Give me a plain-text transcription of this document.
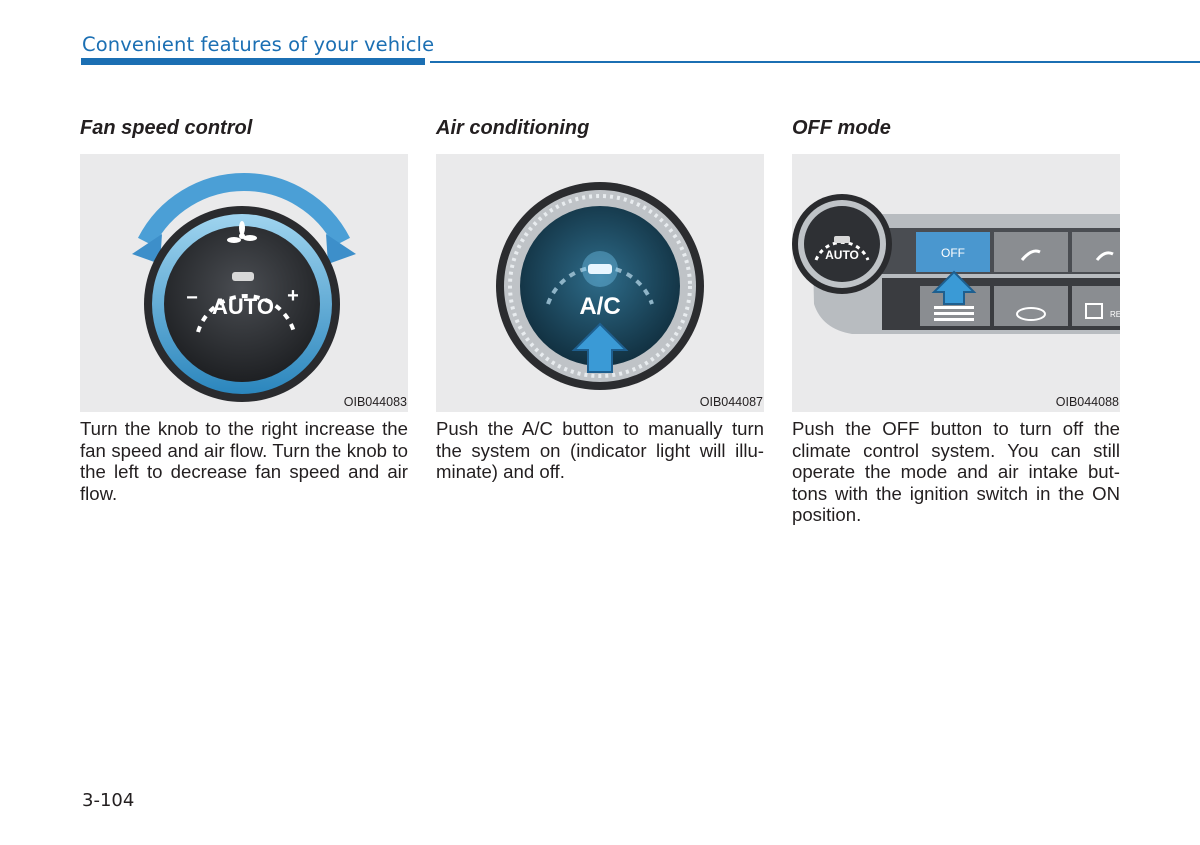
Convenient features of your vehicle
Fan speed control
AUTO
−	+
OIB044083
Turn the knob to the right increase the fan speed and air flow. Turn the knob to the left to decrease fan speed and air flow.
Air conditioning
A/C
OIB044087
Push the A/C button to manually turn the system on (indicator light will illu-minate) and off.
OFF mode
OFF
RE
AUTO
OIB044088
Push the OFF button to turn off the climate control system. You can still operate the mode and air intake but-tons with the ignition switch in the ON position.
3-104
